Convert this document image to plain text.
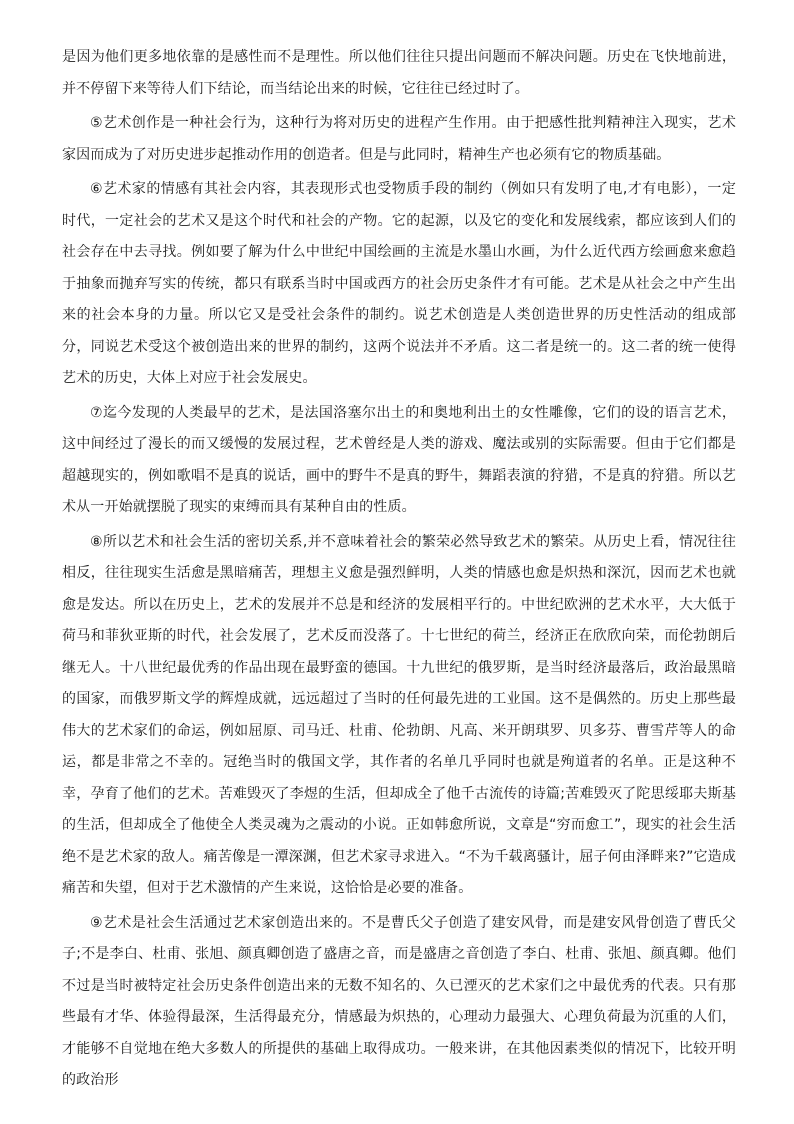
是因为他们更多地依靠的是感性而不是理性。所以他们往往只提出问题而不解决问题。历史在飞快地前进，并不停留下来等待人们下结论，而当结论出来的时候，它往往已经过时了。

⑤艺术创作是一种社会行为，这种行为将对历史的进程产生作用。由于把感性批判精神注入现实，艺术家因而成为了对历史进步起推动作用的创造者。但是与此同时，精神生产也必须有它的物质基础。

⑥艺术家的情感有其社会内容，其表现形式也受物质手段的制约（例如只有发明了电,才有电影），一定时代，一定社会的艺术又是这个时代和社会的产物。它的起源，以及它的变化和发展线索，都应该到人们的社会存在中去寻找。例如要了解为什么中世纪中国绘画的主流是水墨山水画，为什么近代西方绘画愈来愈趋于抽象而抛弃写实的传统，都只有联系当时中国或西方的社会历史条件才有可能。艺术是从社会之中产生出来的社会本身的力量。所以它又是受社会条件的制约。说艺术创造是人类创造世界的历史性活动的组成部分，同说艺术受这个被创造出来的世界的制约，这两个说法并不矛盾。这二者是统一的。这二者的统一使得艺术的历史，大体上对应于社会发展史。

⑦迄今发现的人类最早的艺术，是法国洛塞尔出土的和奥地利出土的女性雕像，它们的设的语言艺术，这中间经过了漫长的而又缓慢的发展过程，艺术曾经是人类的游戏、魔法或别的实际需要。但由于它们都是超越现实的，例如歌唱不是真的说话，画中的野牛不是真的野牛，舞蹈表演的狩猎，不是真的狩猎。所以艺术从一开始就摆脱了现实的束缚而具有某种自由的性质。

⑧所以艺术和社会生活的密切关系,并不意味着社会的繁荣必然导致艺术的繁荣。从历史上看，情况往往相反，往往现实生活愈是黑暗痛苦，理想主义愈是强烈鲜明，人类的情感也愈是炽热和深沉，因而艺术也就愈是发达。所以在历史上，艺术的发展并不总是和经济的发展相平行的。中世纪欧洲的艺术水平，大大低于荷马和菲狄亚斯的时代，社会发展了，艺术反而没落了。十七世纪的荷兰，经济正在欣欣向荣，而伦勃朗后继无人。十八世纪最优秀的作品出现在最野蛮的德国。十九世纪的俄罗斯，是当时经济最落后，政治最黑暗的国家，而俄罗斯文学的辉煌成就，远远超过了当时的任何最先进的工业国。这不是偶然的。历史上那些最伟大的艺术家们的命运，例如屈原、司马迁、杜甫、伦勃朗、凡高、米开朗琪罗、贝多芬、曹雪芹等人的命运，都是非常之不幸的。冠绝当时的俄国文学，其作者的名单几乎同时也就是殉道者的名单。正是这种不幸，孕育了他们的艺术。苦难毁灭了李煜的生活，但却成全了他千古流传的诗篇;苦难毁灭了陀思绥耶夫斯基的生活，但却成全了他使全人类灵魂为之震动的小说。正如韩愈所说，文章是“穷而愈工”，现实的社会生活绝不是艺术家的敌人。痛苦像是一潭深渊，但艺术家寻求进入。“不为千载离骚计，屈子何由泽畔来?”它造成痛苦和失望，但对于艺术激情的产生来说，这恰恰是必要的准备。

⑨艺术是社会生活通过艺术家创造出来的。不是曹氏父子创造了建安风骨，而是建安风骨创造了曹氏父子;不是李白、杜甫、张旭、颜真卿创造了盛唐之音，而是盛唐之音创造了李白、杜甫、张旭、颜真卿。他们不过是当时被特定社会历史条件创造出来的无数不知名的、久已湮灭的艺术家们之中最优秀的代表。只有那些最有才华、体验得最深，生活得最充分，情感最为炽热的，心理动力最强大、心理负荷最为沉重的人们，才能够不自觉地在绝大多数人的所提供的基础上取得成功。一般来讲，在其他因素类似的情况下，比较开明的政治形
